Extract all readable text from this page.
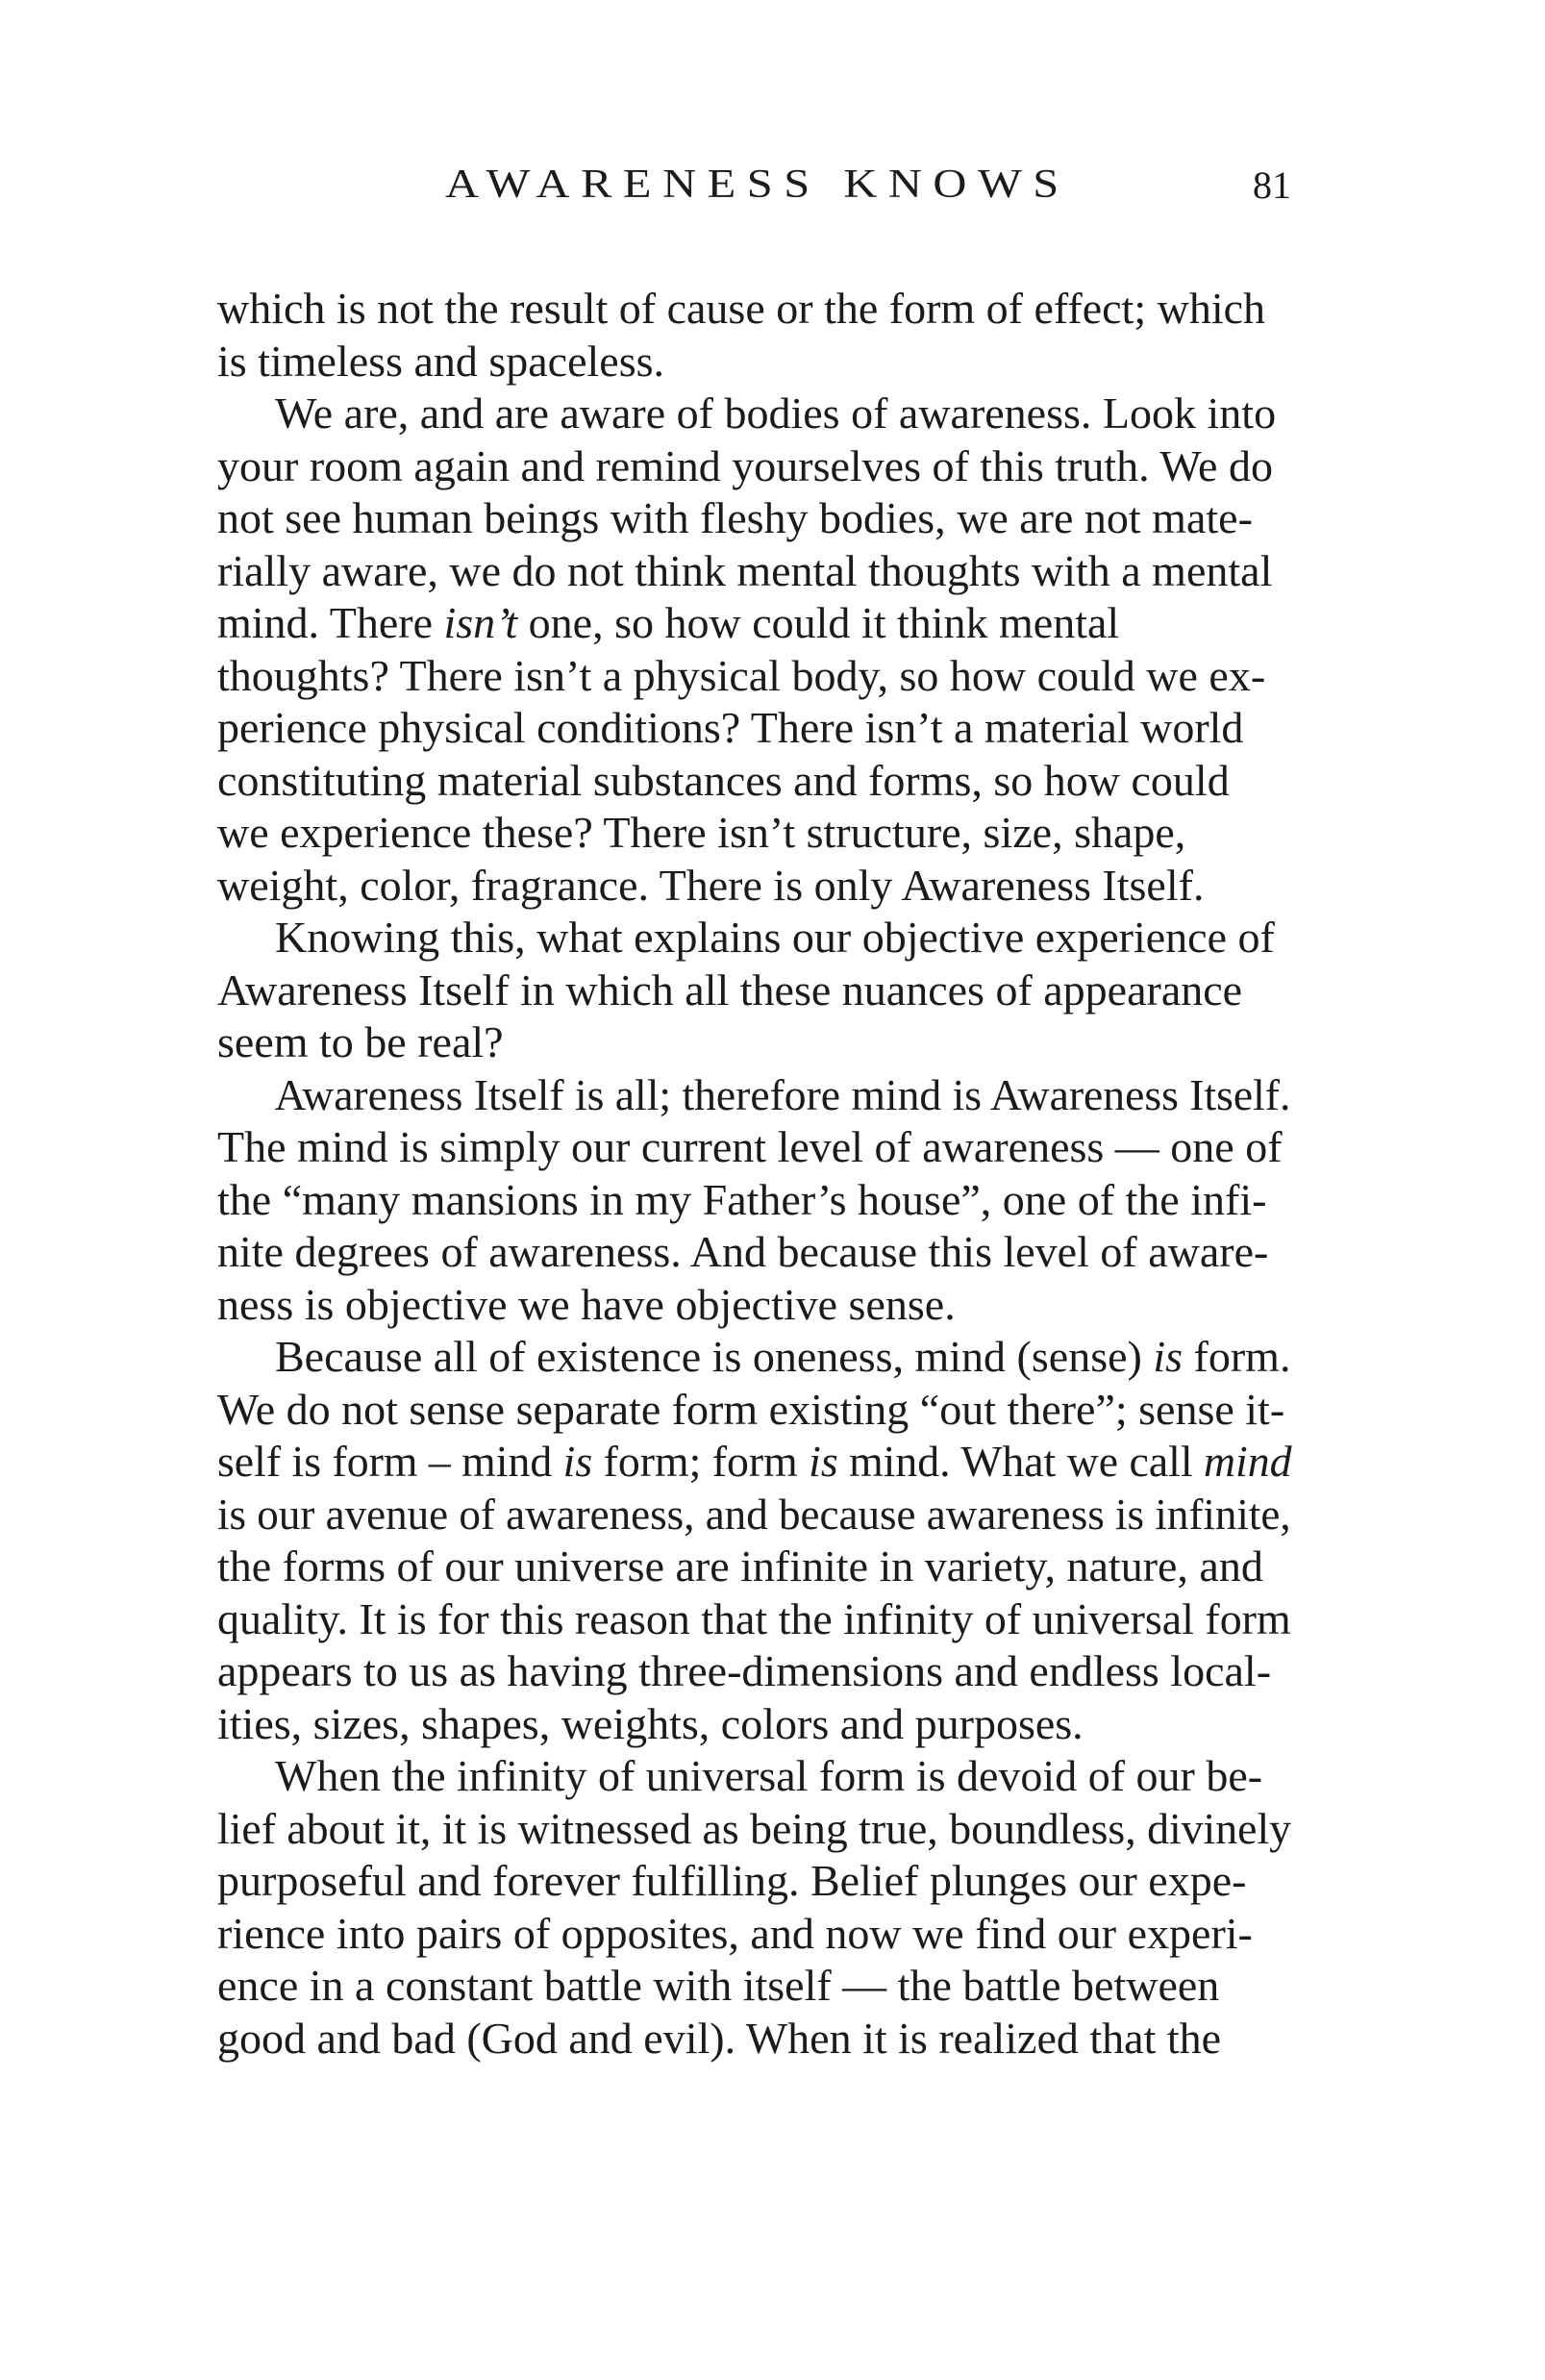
AWARENESS KNOWS	81
which is not the result of cause or the form of effect; which
is timeless and spaceless.
We are, and are aware of bodies of awareness. Look into
your room again and remind yourselves of this truth. We do
not see human beings with fleshy bodies, we are not mate-
rially aware, we do not think mental thoughts with a mental
mind. There isn’t one, so how could it think mental
thoughts? There isn’t a physical body, so how could we ex-
perience physical conditions? There isn’t a material world
constituting material substances and forms, so how could
we experience these? There isn’t structure, size, shape,
weight, color, fragrance. There is only Awareness Itself.
Knowing this, what explains our objective experience of
Awareness Itself in which all these nuances of appearance
seem to be real?
Awareness Itself is all; therefore mind is Awareness Itself.
The mind is simply our current level of awareness — one of
the “many mansions in my Father’s house”, one of the infi-
nite degrees of awareness. And because this level of aware-
ness is objective we have objective sense.
Because all of existence is oneness, mind (sense) is form.
We do not sense separate form existing “out there”; sense it-
self is form – mind is form; form is mind. What we call mind
is our avenue of awareness, and because awareness is infinite,
the forms of our universe are infinite in variety, nature, and
quality. It is for this reason that the infinity of universal form
appears to us as having three-dimensions and endless local-
ities, sizes, shapes, weights, colors and purposes.
When the infinity of universal form is devoid of our be-
lief about it, it is witnessed as being true, boundless, divinely
purposeful and forever fulfilling. Belief plunges our expe-
rience into pairs of opposites, and now we find our experi-
ence in a constant battle with itself — the battle between
good and bad (God and evil). When it is realized that the
